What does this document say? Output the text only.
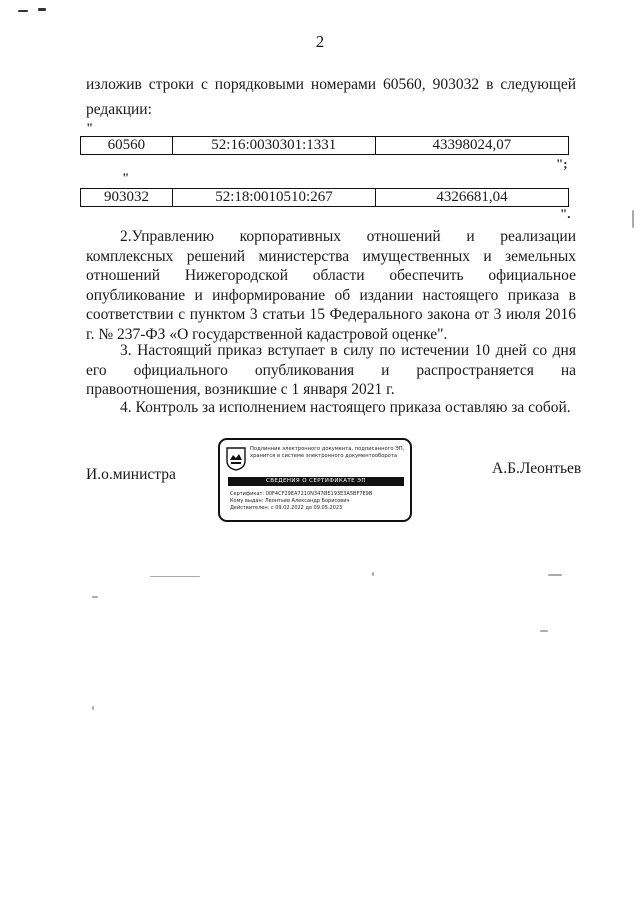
2
изложив строки с порядковыми номерами 60560, 903032 в следующей редакции:
"
60560	52:16:0030301:1331	43398024,07
";
"
903032	52:18:0010510:267	4326681,04
".
2.Управлению корпоративных отношений и реализации комплексных решений министерства имущественных и земельных отношений Нижегородской области обеспечить официальное опубликование и информирование об издании настоящего приказа в соответствии с пунктом 3 статьи 15 Федерального закона от 3 июля 2016 г. № 237-ФЗ «О государственной кадастровой оценке".
3. Настоящий приказ вступает в силу по истечении 10 дней со дня его официального опубликования и распространяется на правоотношения, возникшие с 1 января 2021 г.
4. Контроль за исполнением настоящего приказа оставляю за собой.
И.о.министра	А.Б.Леонтьев
Подлинник электронного документа, подписанного ЭП, хранится в системе электронного документооборота
СВЕДЕНИЯ О СЕРТИФИКАТЕ ЭП
Сертификат: 00F4CF29EA7210N347ØE193E3A5BF7E9B
Кому выдан: Леонтьев Александр Борисович
Действителен: с 09.02.2022 до 09.05.2023
